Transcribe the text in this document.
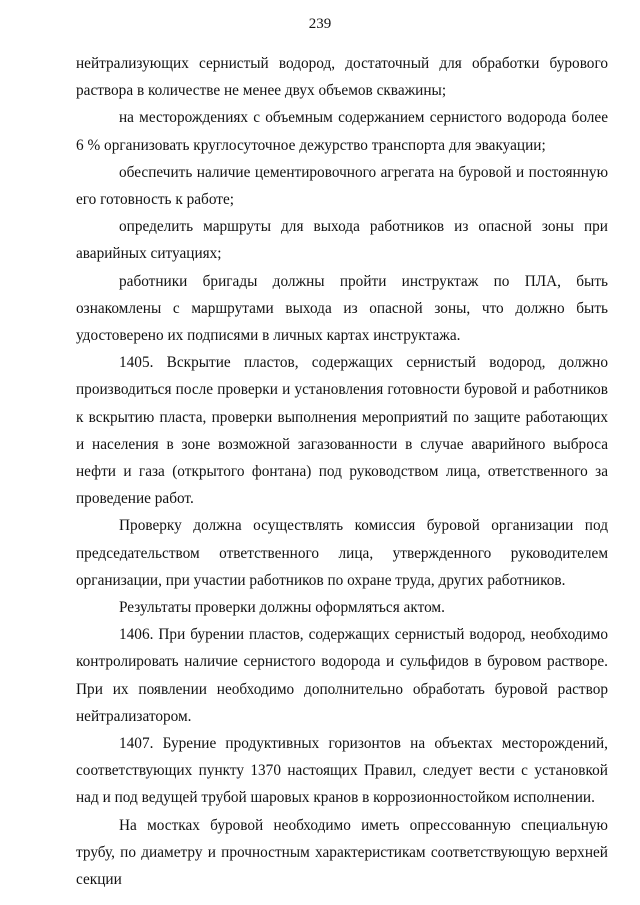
239

нейтрализующих сернистый водород, достаточный для обработки бурового раствора в количестве не менее двух объемов скважины;

на месторождениях с объемным содержанием сернистого водорода более 6 % организовать круглосуточное дежурство транспорта для эвакуации;

обеспечить наличие цементировочного агрегата на буровой и постоянную его готовность к работе;

определить маршруты для выхода работников из опасной зоны при аварийных ситуациях;

работники бригады должны пройти инструктаж по ПЛА, быть ознакомлены с маршрутами выхода из опасной зоны, что должно быть удостоверено их подписями в личных картах инструктажа.

1405. Вскрытие пластов, содержащих сернистый водород, должно производиться после проверки и установления готовности буровой и работников к вскрытию пласта, проверки выполнения мероприятий по защите работающих и населения в зоне возможной загазованности в случае аварийного выброса нефти и газа (открытого фонтана) под руководством лица, ответственного за проведение работ.

Проверку должна осуществлять комиссия буровой организации под председательством ответственного лица, утвержденного руководителем организации, при участии работников по охране труда, других работников.

Результаты проверки должны оформляться актом.

1406. При бурении пластов, содержащих сернистый водород, необходимо контролировать наличие сернистого водорода и сульфидов в буровом растворе. При их появлении необходимо дополнительно обработать буровой раствор нейтрализатором.

1407. Бурение продуктивных горизонтов на объектах месторождений, соответствующих пункту 1370 настоящих Правил, следует вести с установкой над и под ведущей трубой шаровых кранов в коррозионностойком исполнении.

На мостках буровой необходимо иметь опрессованную специальную трубу, по диаметру и прочностным характеристикам соответствующую верхней секции
